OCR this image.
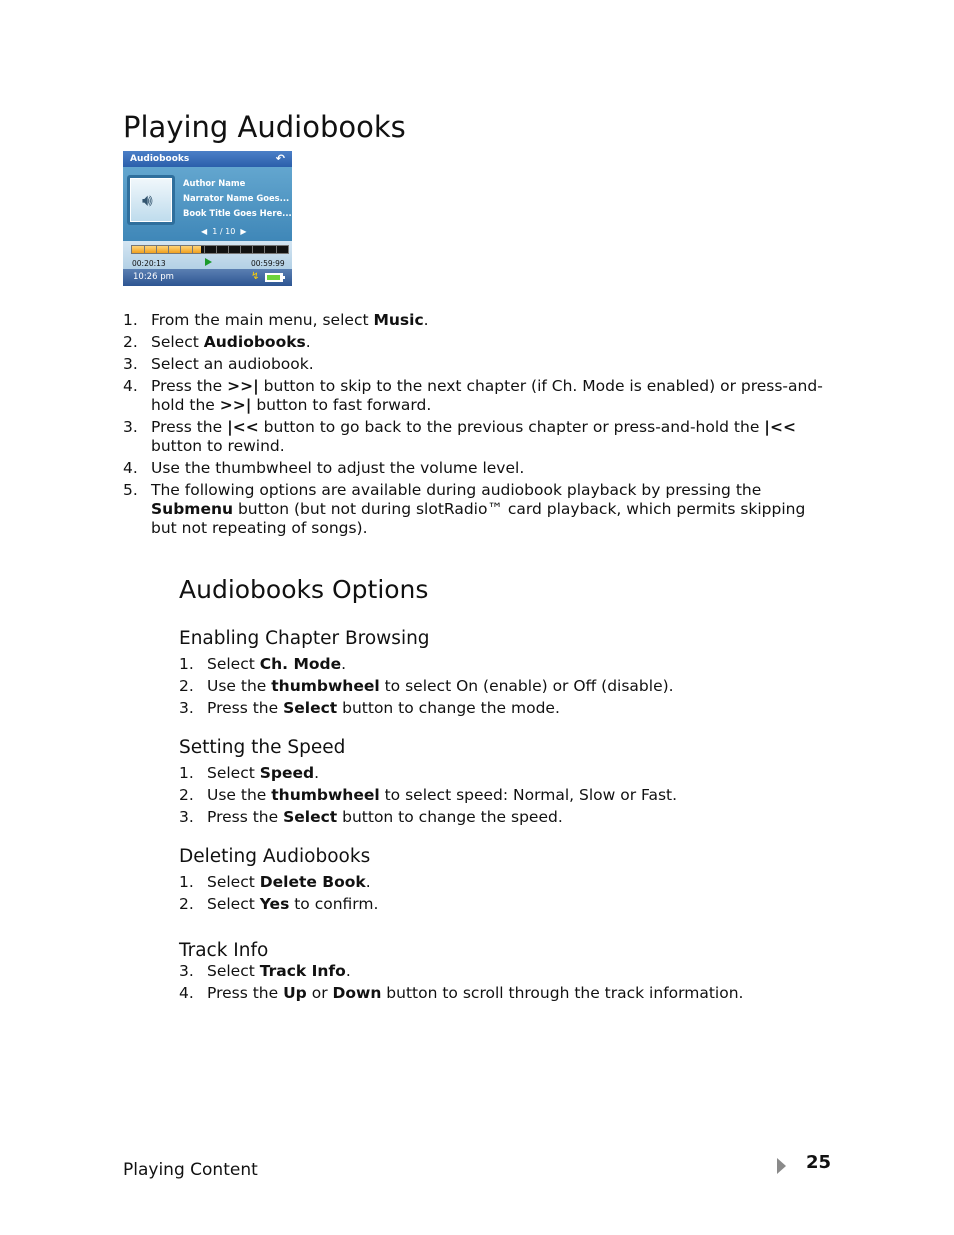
Playing Audiobooks
Audiobooks	↶
🔊︎
Author Name
Narrator Name Goes...
Book Title Goes Here...
◀ 1 / 10 ▶
00:20:13	00:59:99
10:26 pm	↯
1. From the main menu, select Music.
2. Select Audiobooks.
3. Select an audiobook.
4. Press the >>| button to skip to the next chapter (if Ch. Mode is enabled) or press-and-hold the >>| button to fast forward.
3. Press the |<< button to go back to the previous chapter or press-and-hold the |<< button to rewind.
4. Use the thumbwheel to adjust the volume level.
5. The following options are available during audiobook playback by pressing the Submenu button (but not during slotRadio™ card playback, which permits skipping but not repeating of songs).
Audiobooks Options
Enabling Chapter Browsing
1. Select Ch. Mode.
2. Use the thumbwheel to select On (enable) or Off (disable).
3. Press the Select button to change the mode.
Setting the Speed
1. Select Speed.
2. Use the thumbwheel to select speed: Normal, Slow or Fast.
3. Press the Select button to change the speed.
Deleting Audiobooks
1. Select Delete Book.
2. Select Yes to confirm.
Track Info
3. Select Track Info.
4. Press the Up or Down button to scroll through the track information.
Playing Content	25
